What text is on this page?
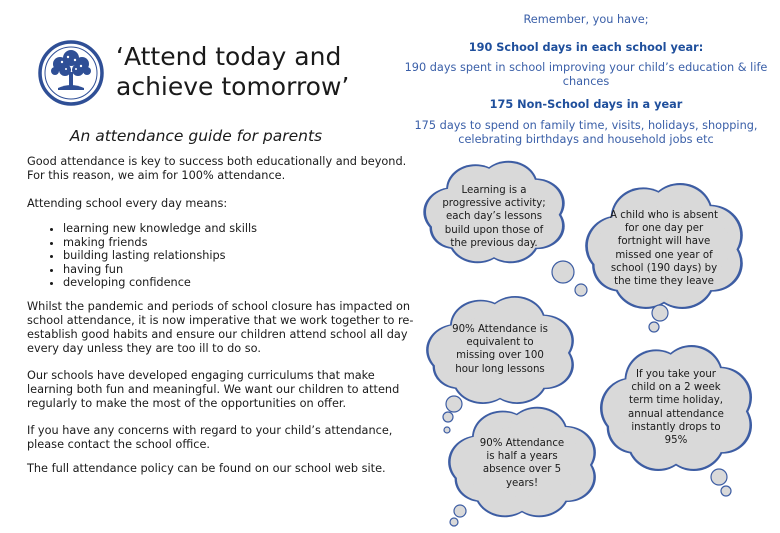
‘Attend today and
achieve tomorrow’
An attendance guide for parents
Good attendance is key to success both educationally and beyond.
For this reason, we aim for 100% attendance.
Attending school every day means:
• learning new knowledge and skills
• making friends
• building lasting relationships
• having fun
• developing confidence
Whilst the pandemic and periods of school closure has impacted on
school attendance, it is now imperative that we work together to re-
establish good habits and ensure our children attend school all day
every day unless they are too ill to do so.
Our schools have developed engaging curriculums that make
learning both fun and meaningful. We want our children to attend
regularly to make the most of the opportunities on offer.
If you have any concerns with regard to your child’s attendance,
please contact the school office.
The full attendance policy can be found on our school web site.
Remember, you have;
190 School days in each school year:
190 days spent in school improving your child’s education & life
chances
175 Non-School days in a year
175 days to spend on family time, visits, holidays, shopping,
celebrating birthdays and household jobs etc
Learning is a
progressive activity;
each day’s lessons
build upon those of
the previous day.
A child who is absent
for one day per
fortnight will have
missed one year of
school (190 days) by
the time they leave
90% Attendance is
equivalent to
missing over 100
hour long lessons	If you take your
child on a 2 week
term time holiday,
annual attendance
instantly drops to
95%
90% Attendance
is half a years
absence over 5
years!
